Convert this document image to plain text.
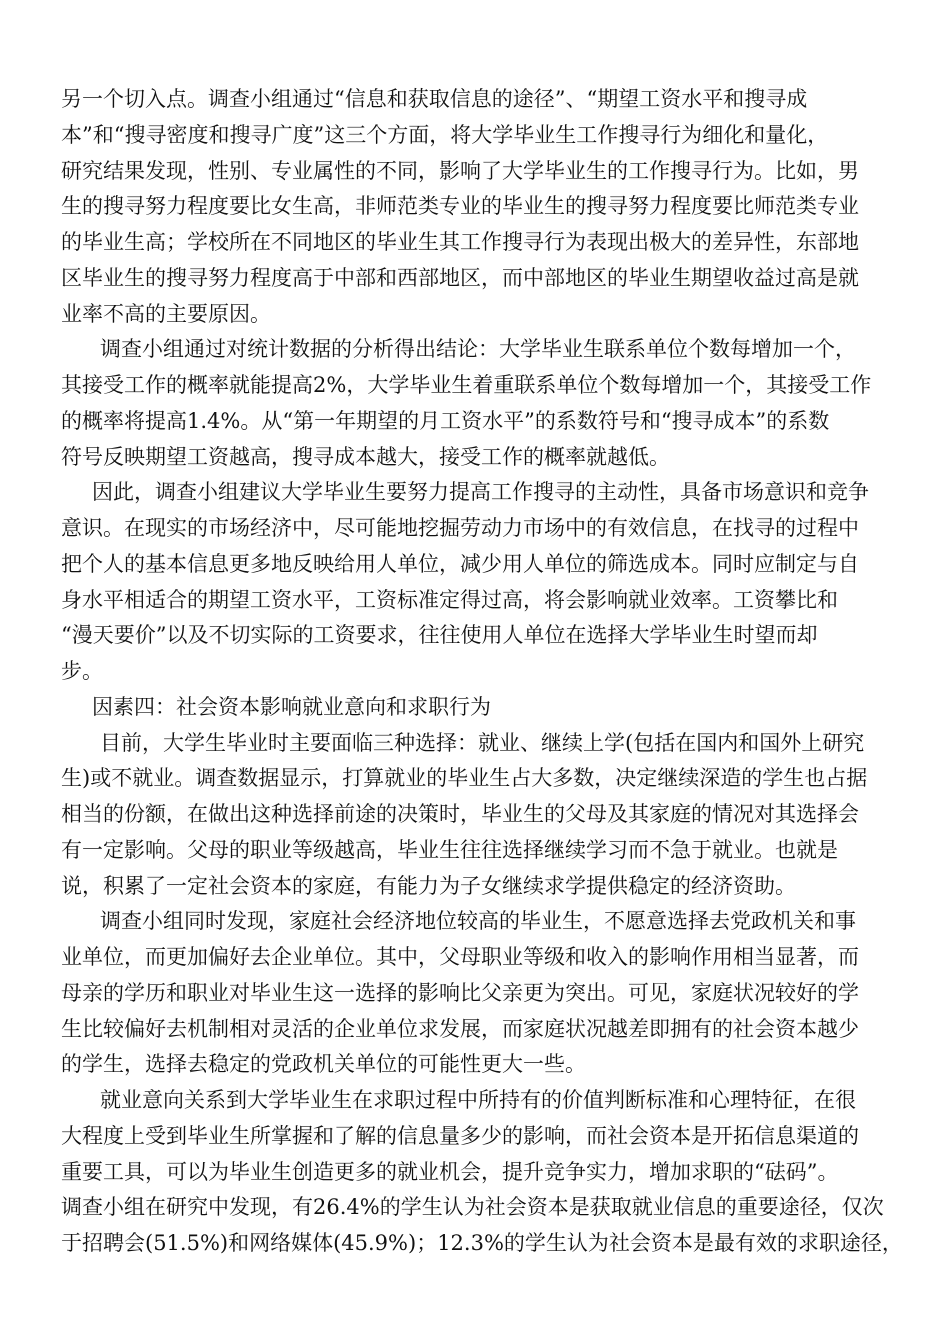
另一个切入点。调查小组通过“信息和获取信息的途径”、“期望工资水平和搜寻成
本”和“搜寻密度和搜寻广度”这三个方面，将大学毕业生工作搜寻行为细化和量化，
研究结果发现，性别、专业属性的不同，影响了大学毕业生的工作搜寻行为。比如，男
生的搜寻努力程度要比女生高，非师范类专业的毕业生的搜寻努力程度要比师范类专业
的毕业生高；学校所在不同地区的毕业生其工作搜寻行为表现出极大的差异性，东部地
区毕业生的搜寻努力程度高于中部和西部地区，而中部地区的毕业生期望收益过高是就
业率不高的主要原因。
调查小组通过对统计数据的分析得出结论：大学毕业生联系单位个数每增加一个，
其接受工作的概率就能提高2%，大学毕业生着重联系单位个数每增加一个，其接受工作
的概率将提高1.4%。从“第一年期望的月工资水平”的系数符号和“搜寻成本”的系数
符号反映期望工资越高，搜寻成本越大，接受工作的概率就越低。
因此，调查小组建议大学毕业生要努力提高工作搜寻的主动性，具备市场意识和竞争
意识。在现实的市场经济中，尽可能地挖掘劳动力市场中的有效信息，在找寻的过程中
把个人的基本信息更多地反映给用人单位，减少用人单位的筛选成本。同时应制定与自
身水平相适合的期望工资水平，工资标准定得过高，将会影响就业效率。工资攀比和
“漫天要价”以及不切实际的工资要求，往往使用人单位在选择大学毕业生时望而却
步。
因素四：社会资本影响就业意向和求职行为
目前，大学生毕业时主要面临三种选择：就业、继续上学(包括在国内和国外上研究
生)或不就业。调查数据显示，打算就业的毕业生占大多数，决定继续深造的学生也占据
相当的份额，在做出这种选择前途的决策时，毕业生的父母及其家庭的情况对其选择会
有一定影响。父母的职业等级越高，毕业生往往选择继续学习而不急于就业。也就是
说，积累了一定社会资本的家庭，有能力为子女继续求学提供稳定的经济资助。
调查小组同时发现，家庭社会经济地位较高的毕业生，不愿意选择去党政机关和事
业单位，而更加偏好去企业单位。其中，父母职业等级和收入的影响作用相当显著，而
母亲的学历和职业对毕业生这一选择的影响比父亲更为突出。可见，家庭状况较好的学
生比较偏好去机制相对灵活的企业单位求发展，而家庭状况越差即拥有的社会资本越少
的学生，选择去稳定的党政机关单位的可能性更大一些。
就业意向关系到大学毕业生在求职过程中所持有的价值判断标准和心理特征，在很
大程度上受到毕业生所掌握和了解的信息量多少的影响，而社会资本是开拓信息渠道的
重要工具，可以为毕业生创造更多的就业机会，提升竞争实力，增加求职的“砝码”。
调查小组在研究中发现，有26.4%的学生认为社会资本是获取就业信息的重要途径，仅次
于招聘会(51.5%)和网络媒体(45.9%)；12.3%的学生认为社会资本是最有效的求职途径，
